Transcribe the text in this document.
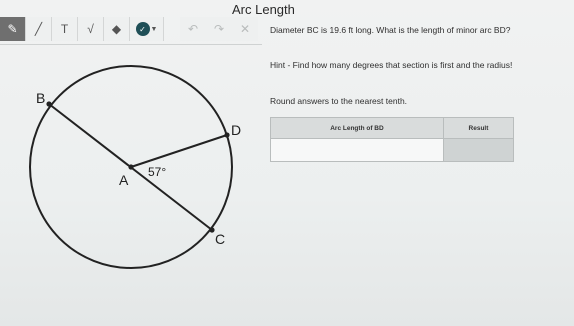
Arc Length
✎ ╱ T √ ◆	✓ ▼	↶ ↷ ✕
B
C
D
A 57°
Diameter BC is 19.6 ft long. What is the length of minor arc BD?
Hint - Find how many degrees that section is first and the radius!
Round answers to the nearest tenth.
Arc Length of BD	Result
